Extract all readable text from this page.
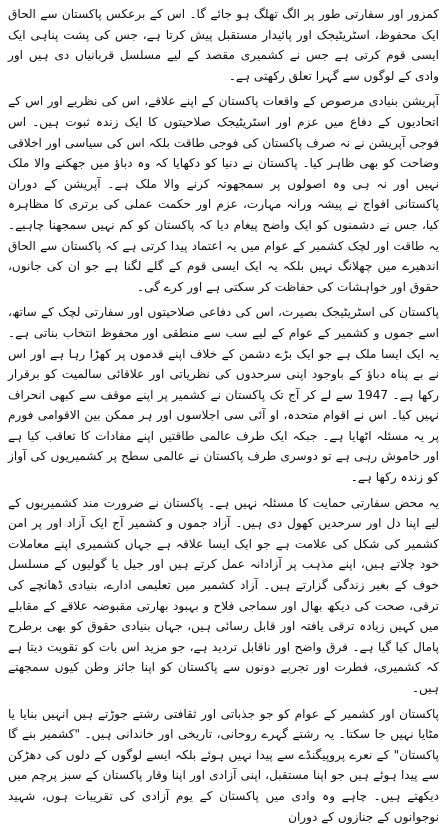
کمزور اور سفارتی طور پر الگ تھلگ ہو جائے گا۔ اس کے برعکس پاکستان سے الحاق ایک محفوظ، اسٹریٹیجک اور پائیدار مستقبل پیش کرتا ہے، جس کی پشت پناہی ایک ایسی قوم کرتی ہے جس نے کشمیری مقصد کے لیے مسلسل قربانیاں دی ہیں اور وادی کے لوگوں سے گہرا تعلق رکھتی ہے۔

آپریشن بنیادی مرصوص کے واقعات پاکستان کے اپنے علاقے، اس کی نظریے اور اس کے اتحادیوں کے دفاع میں عزم اور اسٹریٹیجک صلاحیتوں کا ایک زندہ ثبوت ہیں۔ اس فوجی آپریشن نے نہ صرف پاکستان کی فوجی طاقت بلکہ اس کی سیاسی اور اخلاقی وضاحت کو بھی ظاہر کیا۔ پاکستان نے دنیا کو دکھایا کہ وہ دباؤ میں جھکنے والا ملک نہیں اور نہ ہی وہ اصولوں پر سمجھوتہ کرنے والا ملک ہے۔ آپریشن کے دوران پاکستانی افواج نے پیشہ ورانہ مہارت، عزم اور حکمت عملی کی برتری کا مظاہرہ کیا، جس نے دشمنوں کو ایک واضح پیغام دیا کہ پاکستان کو کم نہیں سمجھنا چاہیے۔ یہ طاقت اور لچک کشمیر کے عوام میں یہ اعتماد پیدا کرتی ہے کہ پاکستان سے الحاق اندھیرے میں چھلانگ نہیں بلکہ یہ ایک ایسی قوم کے گلے لگنا ہے جو ان کی جانوں، حقوق اور خواہشات کی حفاظت کر سکتی ہے اور کرے گی۔

پاکستان کی اسٹریٹیجک بصیرت، اس کی دفاعی صلاحیتوں اور سفارتی لچک کے ساتھ، اسے جموں و کشمیر کے عوام کے لیے سب سے منطقی اور محفوظ انتخاب بناتی ہے۔ یہ ایک ایسا ملک ہے جو ایک بڑے دشمن کے خلاف اپنے قدموں پر کھڑا رہا ہے اور اس نے بے پناہ دباؤ کے باوجود اپنی سرحدوں کی نظریاتی اور علاقائی سالمیت کو برقرار رکھا ہے۔ 1947 سے لے کر آج تک پاکستان نے کشمیر پر اپنے موقف سے کبھی انحراف نہیں کیا۔ اس نے اقوام متحدہ، او آئی سی اجلاسوں اور ہر ممکن بین الاقوامی فورم پر یہ مسئلہ اٹھایا ہے۔ جبکہ ایک طرف عالمی طاقتیں اپنے مفادات کا تعاقب کیا ہے اور خاموش رہی ہے تو دوسری طرف پاکستان نے عالمی سطح پر کشمیریوں کی آواز کو زندہ رکھا ہے۔

یہ محض سفارتی حمایت کا مسئلہ نہیں ہے۔ پاکستان نے ضرورت مند کشمیریوں کے لیے اپنا دل اور سرحدیں کھول دی ہیں۔ آزاد جموں و کشمیر آج ایک آزاد اور پر امن کشمیر کی شکل کی علامت ہے جو ایک ایسا علاقہ ہے جہاں کشمیری اپنے معاملات خود چلاتے ہیں، اپنے مذہب پر آزادانہ عمل کرتے ہیں اور جیل یا گولیوں کے مسلسل خوف کے بغیر زندگی گزارتے ہیں۔ آزاد کشمیر میں تعلیمی ادارے، بنیادی ڈھانچے کی ترقی، صحت کی دیکھ بھال اور سماجی فلاح و بہبود بھارتی مقبوضہ علاقے کے مقابلے میں کہیں زیادہ ترقی یافتہ اور قابل رسائی ہیں، جہاں بنیادی حقوق کو بھی برطرح پامال کیا گیا ہے۔ فرق واضح اور ناقابل تردید ہے، جو مزید اس بات کو تقویت دیتا ہے کہ کشمیری، فطرت اور تجربے دونوں سے پاکستان کو اپنا جائز وطن کیوں سمجھتے ہیں۔

پاکستان اور کشمیر کے عوام کو جو جذباتی اور ثقافتی رشتے جوڑتے ہیں انہیں بنایا یا مٹایا نہیں جا سکتا۔ یہ رشتے گہرے روحانی، تاریخی اور خاندانی ہیں۔ "کشمیر بنے گا پاکستان" کے نعرے پروپیگنڈے سے پیدا نہیں ہوئے بلکہ ایسے لوگوں کے دلوں کی دھڑکن سے پیدا ہوئے ہیں جو اپنا مستقبل، اپنی آزادی اور اپنا وقار پاکستان کے سبز پرچم میں دیکھتے ہیں۔ چاہے وہ وادی میں پاکستان کے یوم آزادی کی تقریبات ہوں، شہید نوجوانوں کے جنازوں کے دوران
